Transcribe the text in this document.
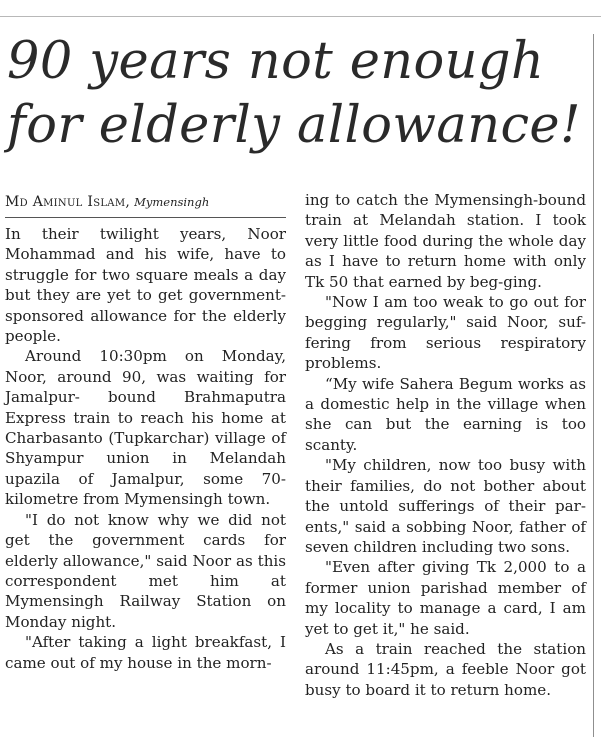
90 years not enough for elderly allowance!
Md Aminul Islam, Mymensingh

In their twilight years, Noor Mohammad and his wife, have to struggle for two square meals a day but they are yet to get government-sponsored allowance for the elderly people.

Around 10:30pm on Monday, Noor, around 90, was waiting for Jamalpur- bound Brahmaputra Express train to reach his home at Charbasanto (Tupkarchar) village of Shyampur union in Melandah upazila of Jamalpur, some 70-kilometre from Mymensingh town.

"I do not know why we did not get the government cards for elderly allowance," said Noor as this correspondent met him at Mymensingh Railway Station on Monday night.

"After taking a light breakfast, I came out of my house in the morn-

ing to catch the Mymensingh-bound train at Melandah station. I took very little food during the whole day as I have to return home with only Tk 50 that earned by beg-ging.

"Now I am too weak to go out for begging regularly," said Noor, suf-fering from serious respiratory problems.

“My wife Sahera Begum works as a domestic help in the village when she can but the earning is too scanty.

"My children, now too busy with their families, do not bother about the untold sufferings of their par-ents," said a sobbing Noor, father of seven children including two sons.

"Even after giving Tk 2,000 to a former union parishad member of my locality to manage a card, I am yet to get it," he said.

As a train reached the station around 11:45pm, a feeble Noor got busy to board it to return home.
